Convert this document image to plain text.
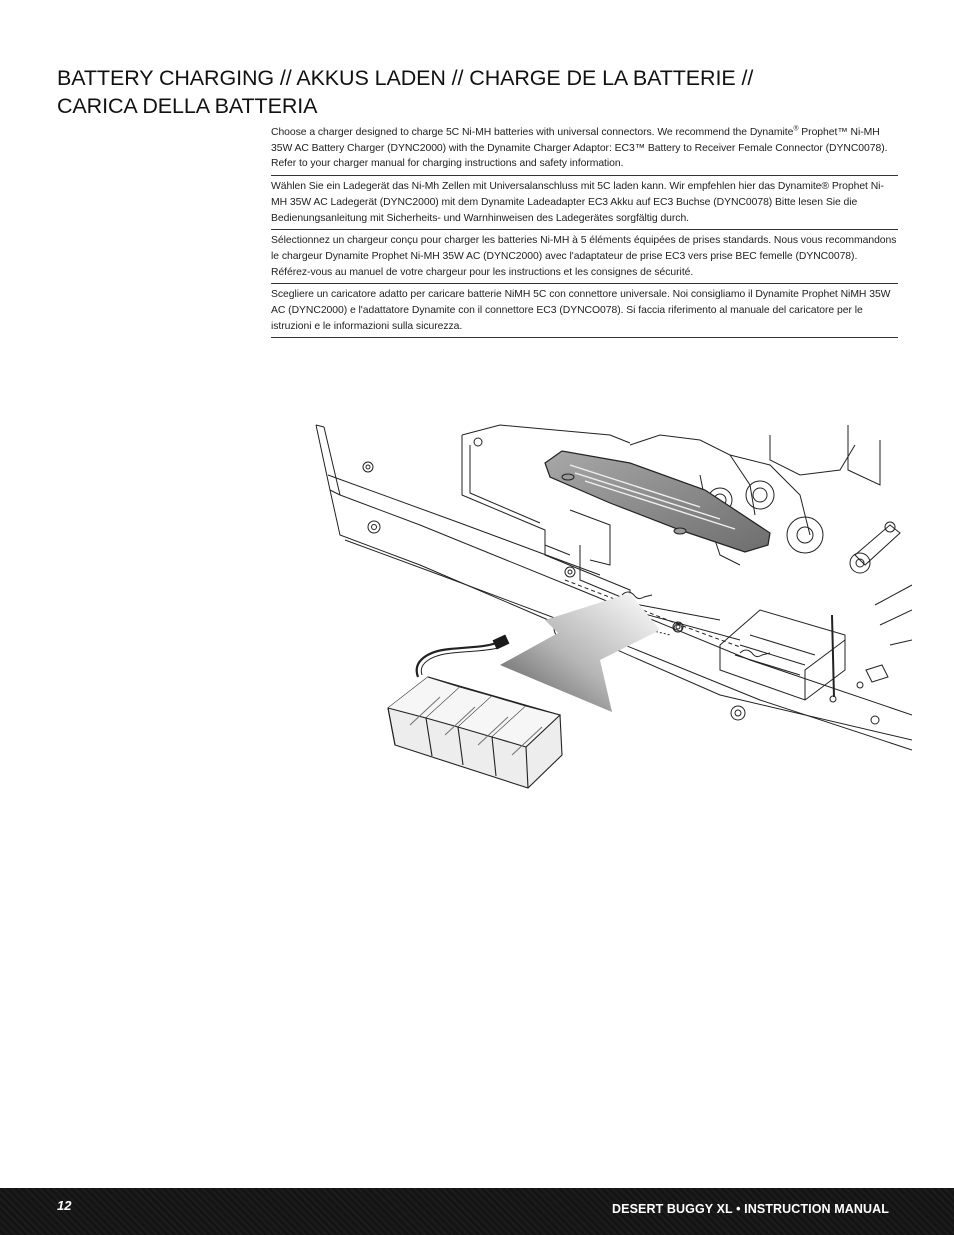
BATTERY CHARGING // AKKUS LADEN // CHARGE DE LA BATTERIE //
CARICA DELLA BATTERIA
Choose a charger designed to charge 5C Ni-MH batteries with universal connectors. We recommend the Dynamite® Prophet™ Ni-MH 35W AC Battery Charger (DYNC2000) with the Dynamite Charger Adaptor: EC3™ Battery to Receiver Female Connector (DYNC0078). Refer to your charger manual for charging instructions and safety information.
Wählen Sie ein Ladegerät das Ni-Mh Zellen mit Universalanschluss mit 5C laden kann. Wir empfehlen hier das Dynamite® Prophet Ni-MH 35W AC Ladegerät (DYNC2000) mit dem Dynamite Ladeadapter EC3 Akku auf EC3 Buchse (DYNC0078) Bitte lesen Sie die Bedienungsanleitung mit Sicherheits- und Warnhinweisen des Ladegerätes sorgfältig durch.
Sélectionnez un chargeur conçu pour charger les batteries Ni-MH à 5 éléments équipées de prises standards. Nous vous recommandons le chargeur Dynamite Prophet Ni-MH 35W AC (DYNC2000) avec l'adaptateur de prise EC3 vers prise BEC femelle (DYNC0078). Référez-vous au manuel de votre chargeur pour les instructions et les consignes de sécurité.
Scegliere un caricatore adatto per caricare batterie NiMH 5C con connettore universale. Noi consigliamo il Dynamite Prophet NiMH 35W AC (DYNC2000) e l'adattatore Dynamite con il connettore EC3 (DYNCO078). Si faccia riferimento al manuale del caricatore per le istruzioni e le informazioni sulla sicurezza.
12	DESERT BUGGY XL • INSTRUCTION MANUAL
